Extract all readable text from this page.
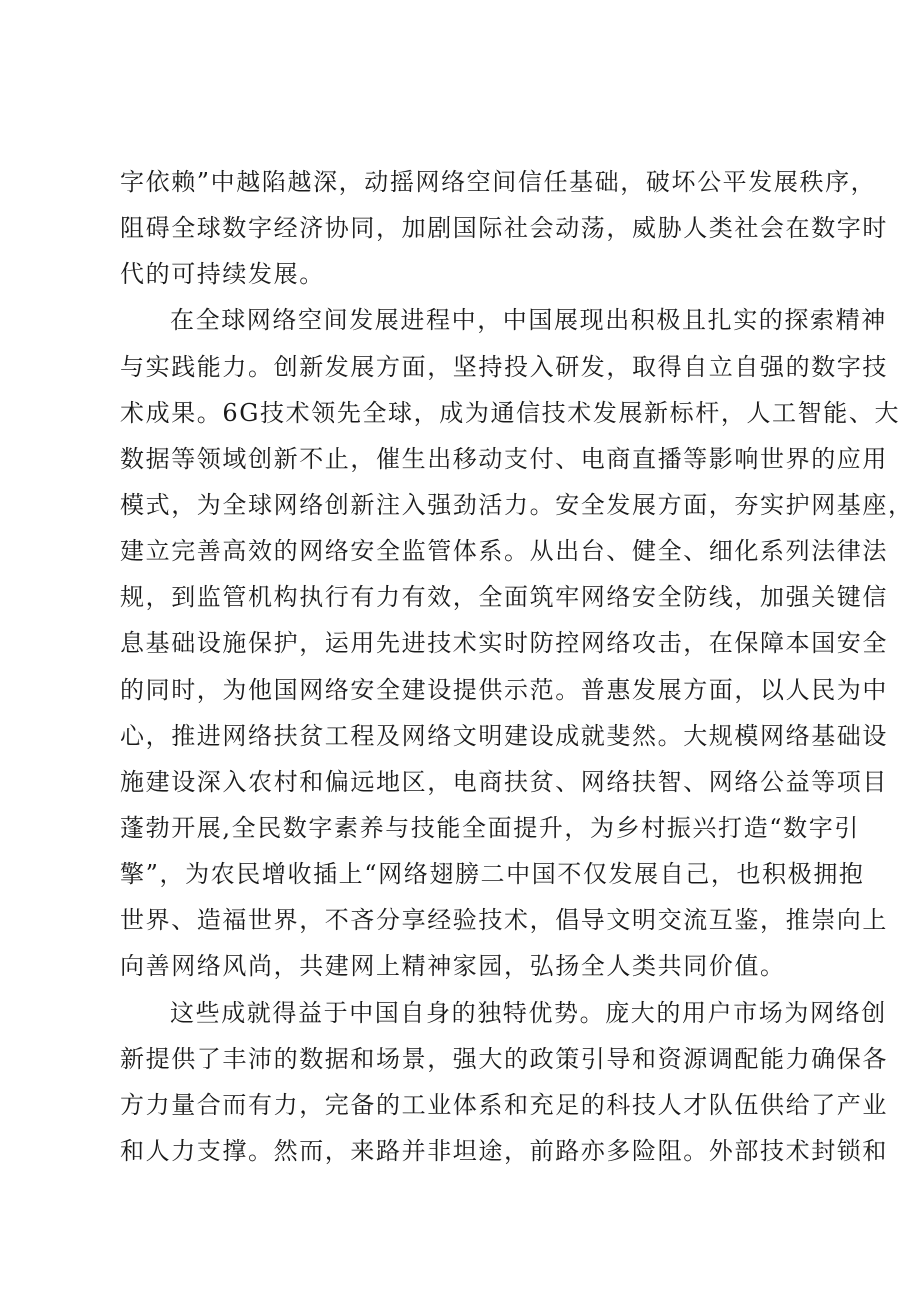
字依赖”中越陷越深，动摇网络空间信任基础，破坏公平发展秩序，
阻碍全球数字经济协同，加剧国际社会动荡，威胁人类社会在数字时
代的可持续发展。
在全球网络空间发展进程中，中国展现出积极且扎实的探索精神
与实践能力。创新发展方面，坚持投入研发，取得自立自强的数字技
术成果。6G技术领先全球，成为通信技术发展新标杆，人工智能、大
数据等领域创新不止，催生出移动支付、电商直播等影响世界的应用
模式，为全球网络创新注入强劲活力。安全发展方面，夯实护网基座，
建立完善高效的网络安全监管体系。从出台、健全、细化系列法律法
规，到监管机构执行有力有效，全面筑牢网络安全防线，加强关键信
息基础设施保护，运用先进技术实时防控网络攻击，在保障本国安全
的同时，为他国网络安全建设提供示范。普惠发展方面，以人民为中
心，推进网络扶贫工程及网络文明建设成就斐然。大规模网络基础设
施建设深入农村和偏远地区，电商扶贫、网络扶智、网络公益等项目
蓬勃开展,全民数字素养与技能全面提升，为乡村振兴打造“数字引
擎”，为农民增收插上“网络翅膀二中国不仅发展自己，也积极拥抱
世界、造福世界，不吝分享经验技术，倡导文明交流互鉴，推崇向上
向善网络风尚，共建网上精神家园，弘扬全人类共同价值。
这些成就得益于中国自身的独特优势。庞大的用户市场为网络创
新提供了丰沛的数据和场景，强大的政策引导和资源调配能力确保各
方力量合而有力，完备的工业体系和充足的科技人才队伍供给了产业
和人力支撑。然而，来路并非坦途，前路亦多险阻。外部技术封锁和
